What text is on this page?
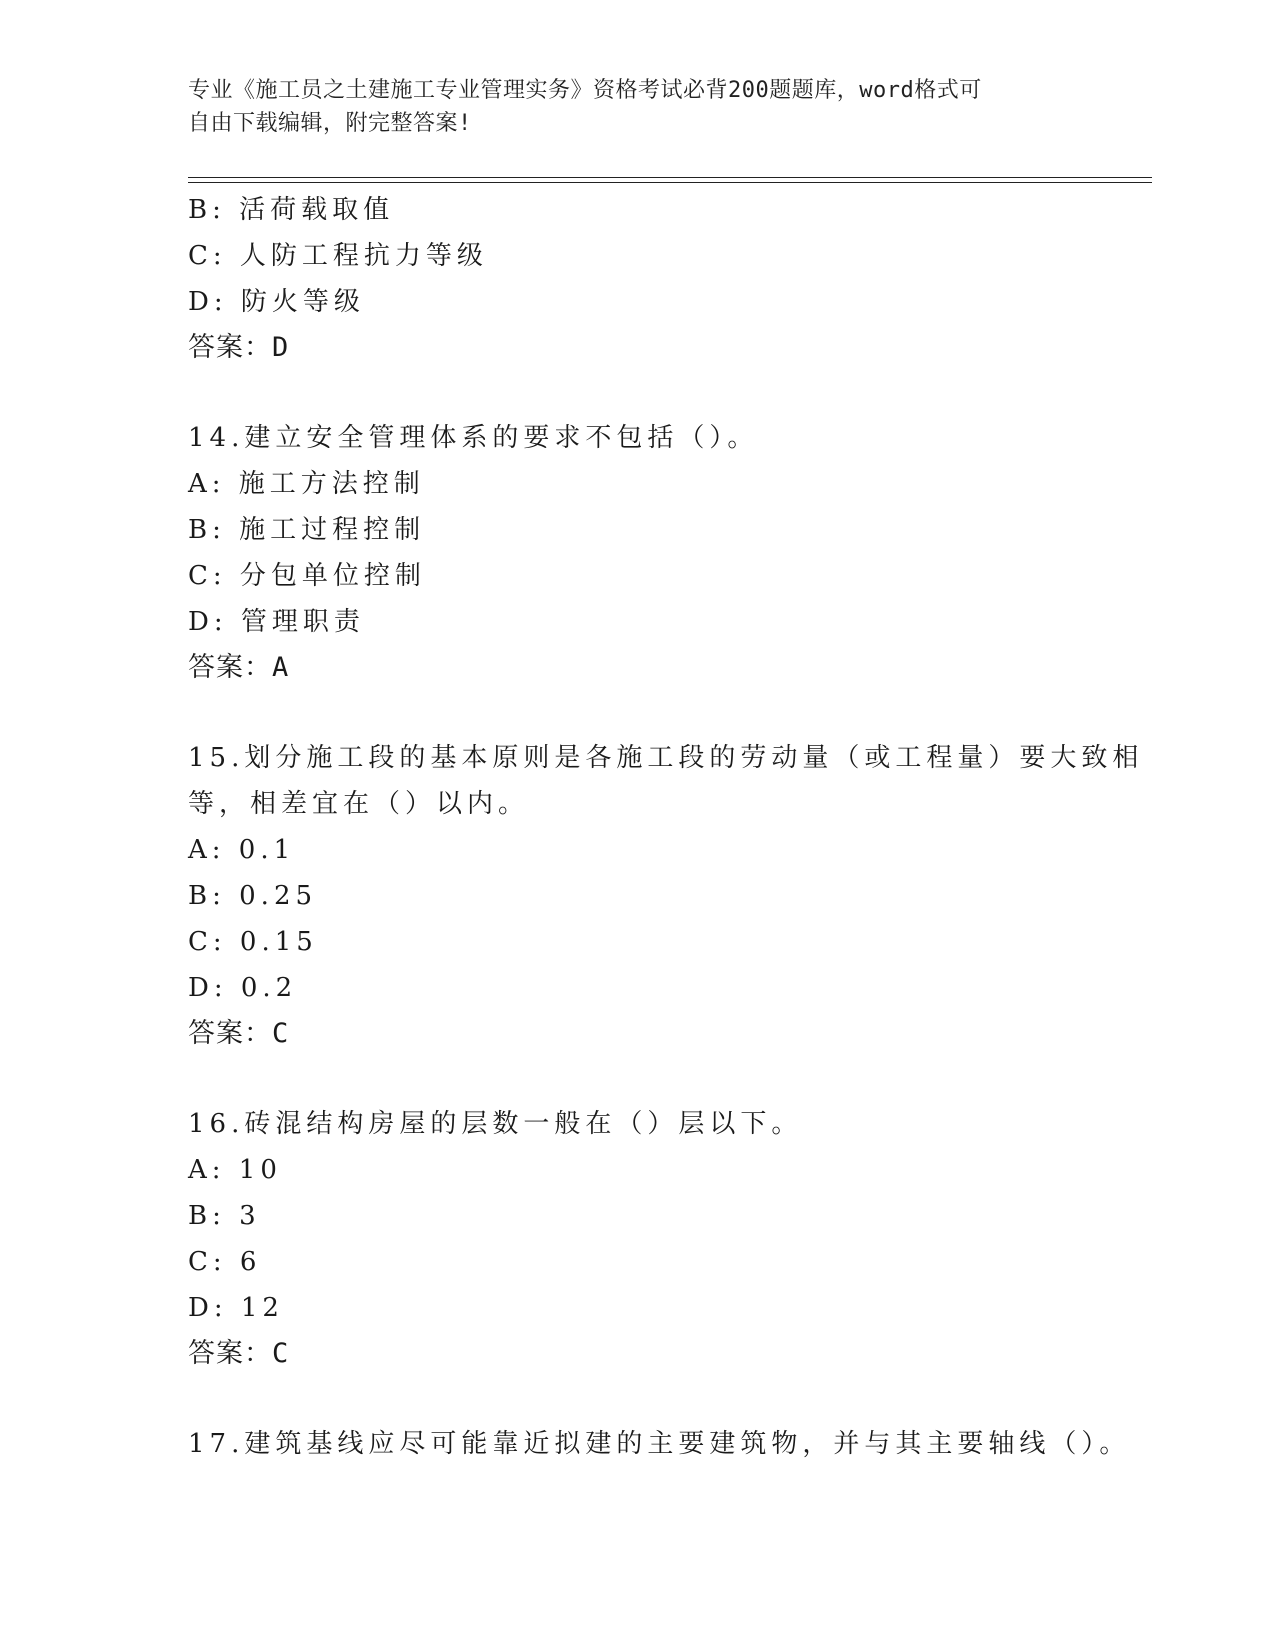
专业《施工员之土建施工专业管理实务》资格考试必背200题题库，word格式可
自由下载编辑，附完整答案!
B: 活荷载取值
C: 人防工程抗力等级
D: 防火等级
答案：D
14.建立安全管理体系的要求不包括（）。
A: 施工方法控制
B: 施工过程控制
C: 分包单位控制
D: 管理职责
答案：A
15.划分施工段的基本原则是各施工段的劳动量（或工程量）要大致相
等，相差宜在（）以内。
A: 0.1
B: 0.25
C: 0.15
D: 0.2
答案：C
16.砖混结构房屋的层数一般在（）层以下。
A: 10
B: 3
C: 6
D: 12
答案：C
17.建筑基线应尽可能靠近拟建的主要建筑物，并与其主要轴线（）。
